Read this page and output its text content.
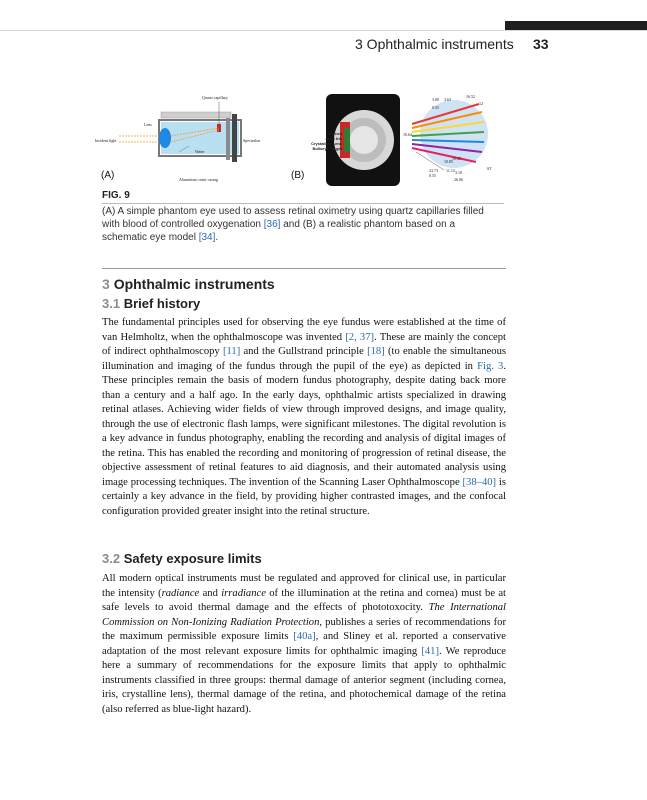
3 Ophthalmic instruments 33
Quartz capillary
Lens
Incident light
Water
Spectralon
Aluminium outer casing
(A)
Cornea
4mm Iris
Crystalline Lens
Bullseye Target
3.08 3.63
16.52
0.55
12
10.64
23.73
0.55
11.12
26.06
3.10
10.85
10.45
ST
(B)
FIG. 9
(A) A simple phantom eye used to assess retinal oximetry using quartz capillaries filled with blood of controlled oxygenation [36] and (B) a realistic phantom based on a schematic eye model [34].
3 Ophthalmic instruments
3.1 Brief history
The fundamental principles used for observing the eye fundus were established at the time of van Helmholtz, when the ophthalmoscope was invented [2, 37]. These are mainly the concept of indirect ophthalmoscopy [11] and the Gullstrand principle [18] (to enable the simultaneous illumination and imaging of the fundus through the pupil of the eye) as depicted in Fig. 3. These principles remain the basis of modern fundus photography, despite dating back more than a century and a half ago. In the early days, ophthalmic artists specialized in drawing retinal atlases. Achieving wider fields of view through improved designs, and image quality, through the use of electronic flash lamps, were significant milestones. The digital revolution is a key advance in fundus photography, enabling the recording and analysis of digital images of the retina. This has enabled the recording and monitoring of progression of retinal disease, the objective assessment of retinal features to aid diagnosis, and their automated analysis using image processing techniques. The invention of the Scanning Laser Ophthalmoscope [38–40] is certainly a key advance in the field, by providing higher contrasted images, and the confocal configuration provided greater insight into the retinal structure.
3.2 Safety exposure limits
All modern optical instruments must be regulated and approved for clinical use, in particular the intensity (radiance and irradiance of the illumination at the retina and cornea) must be at safe levels to avoid thermal damage and the effects of phototoxocity. The International Commission on Non-Ionizing Radiation Protection, publishes a series of recommendations for the maximum permissible exposure limits [40a], and Sliney et al. reported a conservative adaptation of the most relevant exposure limits for ophthalmic imaging [41]. We reproduce here a summary of recommendations for the exposure limits that apply to ophthalmic instruments classified in three groups: thermal damage of anterior segment (including cornea, iris, crystalline lens), thermal damage of the retina, and photochemical damage of the retina (also referred as blue-light hazard).
